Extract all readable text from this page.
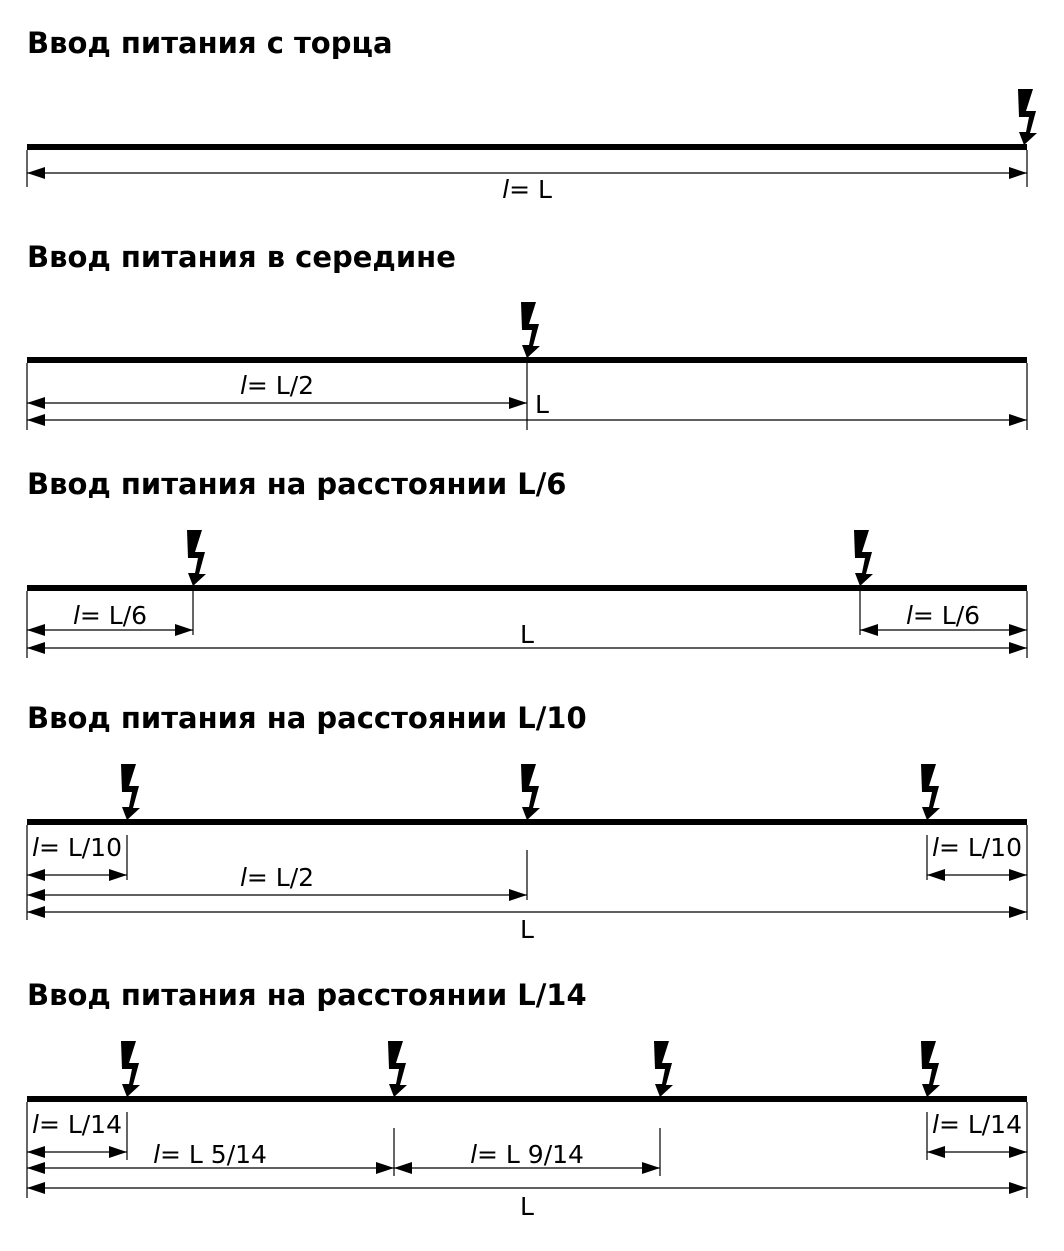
Ввод питания с торца
Ввод питания в середине
Ввод питания на расстоянии L/6
Ввод питания на расстоянии L/10
Ввод питания на расстоянии L/14
l= L
l= L/2
L
l= L/6
L
l= L/6
l= L/10
l= L/2
L
l= L/10
l= L/14
l= L 5/14	l= L 9/14
L
l= L/14
